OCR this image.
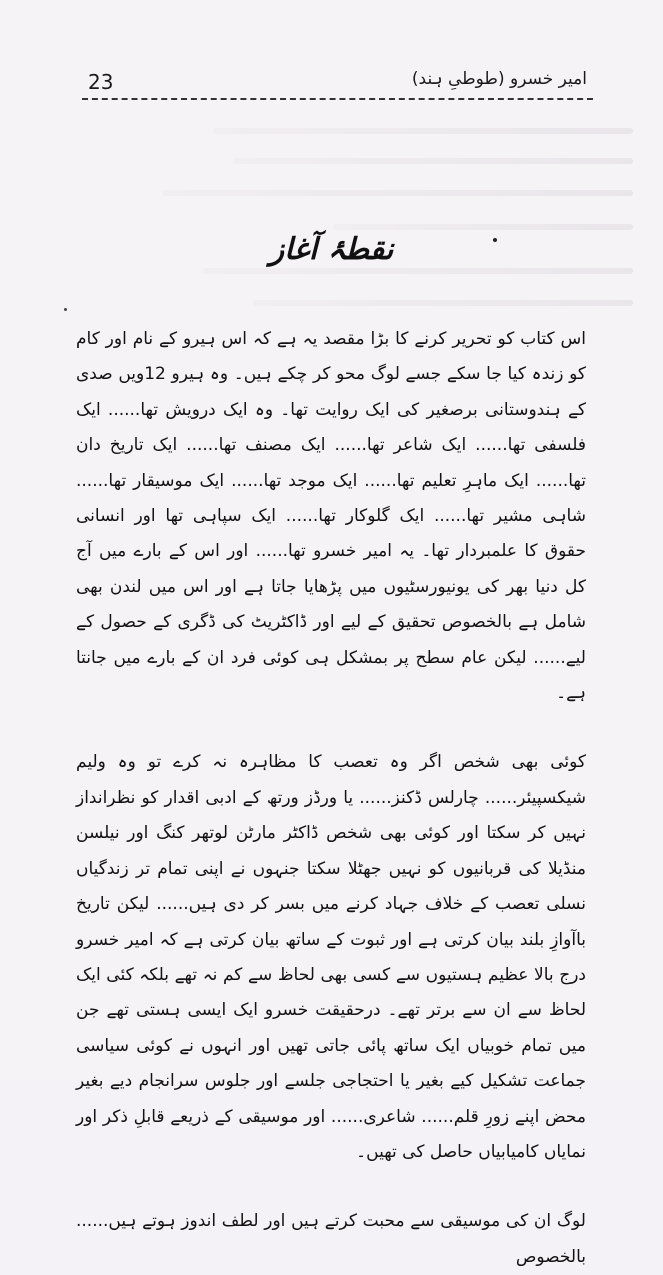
23	امیر خسرو (طوطیِ ہند)
نقطۂ آغاز

اس کتاب کو تحریر کرنے کا بڑا مقصد یہ ہے کہ اس ہیرو کے نام اور کام کو زندہ کیا جا سکے جسے لوگ محو کر چکے ہیں۔ وہ ہیرو 12ویں صدی کے ہندوستانی برصغیر کی ایک روایت تھا۔ وہ ایک درویش تھا...... ایک فلسفی تھا...... ایک شاعر تھا...... ایک مصنف تھا...... ایک تاریخ دان تھا...... ایک ماہرِ تعلیم تھا...... ایک موجد تھا...... ایک موسیقار تھا...... شاہی مشیر تھا...... ایک گلوکار تھا...... ایک سپاہی تھا اور انسانی حقوق کا علمبردار تھا۔ یہ امیر خسرو تھا...... اور اس کے بارے میں آج کل دنیا بھر کی یونیورسٹیوں میں پڑھایا جاتا ہے اور اس میں لندن بھی شامل ہے بالخصوص تحقیق کے لیے اور ڈاکٹریٹ کی ڈگری کے حصول کے لیے...... لیکن عام سطح پر بمشکل ہی کوئی فرد ان کے بارے میں جانتا ہے۔

کوئی بھی شخص اگر وہ تعصب کا مظاہرہ نہ کرے تو وہ ولیم شیکسپیئر...... چارلس ڈکنز...... یا ورڈز ورتھ کے ادبی اقدار کو نظرانداز نہیں کر سکتا اور کوئی بھی شخص ڈاکٹر مارٹن لوتھر کنگ اور نیلسن منڈیلا کی قربانیوں کو نہیں جھٹلا سکتا جنہوں نے اپنی تمام تر زندگیاں نسلی تعصب کے خلاف جہاد کرنے میں بسر کر دی ہیں...... لیکن تاریخ باآوازِ بلند بیان کرتی ہے اور ثبوت کے ساتھ بیان کرتی ہے کہ امیر خسرو درج بالا عظیم ہستیوں سے کسی بھی لحاظ سے کم نہ تھے بلکہ کئی ایک لحاظ سے ان سے برتر تھے۔ درحقیقت خسرو ایک ایسی ہستی تھے جن میں تمام خوبیاں ایک ساتھ پائی جاتی تھیں اور انہوں نے کوئی سیاسی جماعت تشکیل کیے بغیر یا احتجاجی جلسے اور جلوس سرانجام دیے بغیر محض اپنے زورِ قلم...... شاعری...... اور موسیقی کے ذریعے قابلِ ذکر اور نمایاں کامیابیاں حاصل کی تھیں۔

لوگ ان کی موسیقی سے محبت کرتے ہیں اور لطف اندوز ہوتے ہیں...... بالخصوص
